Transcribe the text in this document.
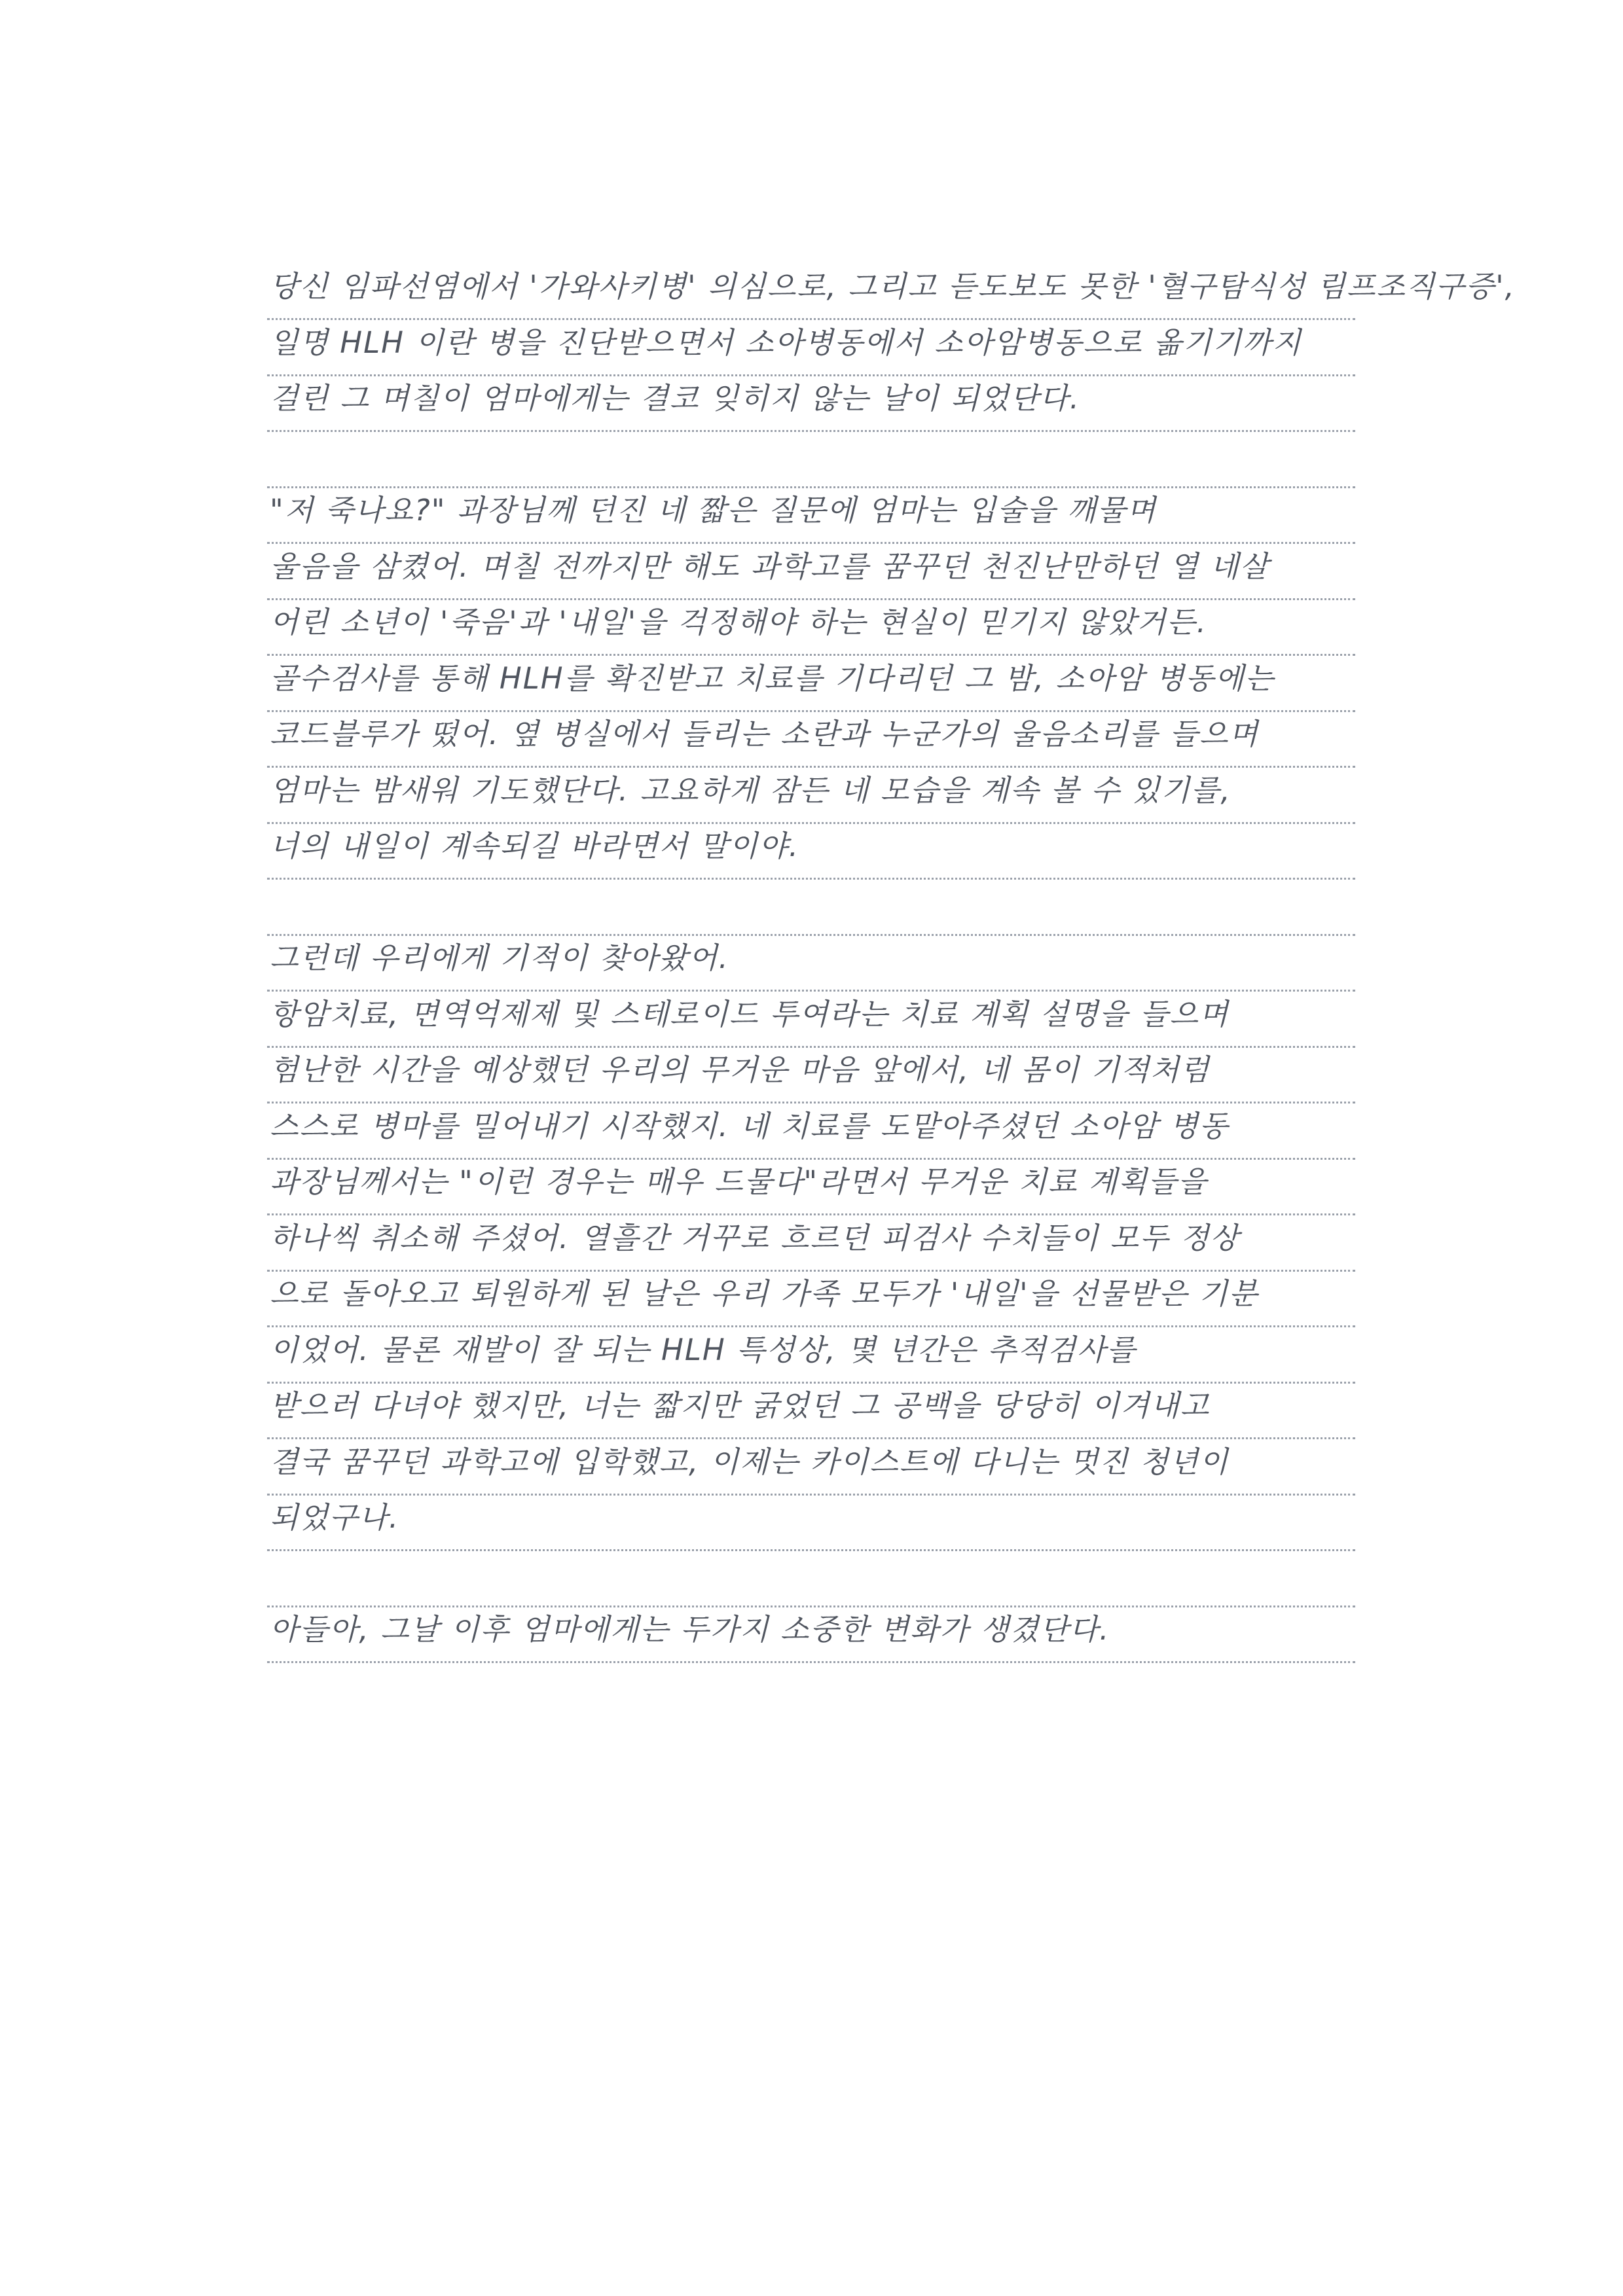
당신 임파선염에서 '가와사키병' 의심으로, 그리고 듣도보도 못한 '혈구탐식성 림프조직구증',
일명 HLH 이란 병을 진단받으면서 소아병동에서 소아암병동으로 옮기기까지
걸린 그 며칠이 엄마에게는 결코 잊히지 않는 날이 되었단다.
"저 죽나요?" 과장님께 던진 네 짧은 질문에 엄마는 입술을 깨물며
울음을 삼켰어. 며칠 전까지만 해도 과학고를 꿈꾸던 천진난만하던 열 네살
어린 소년이 '죽음'과 '내일'을 걱정해야 하는 현실이 믿기지 않았거든.
골수검사를 통해 HLH를 확진받고 치료를 기다리던 그 밤, 소아암 병동에는
코드블루가 떴어. 옆 병실에서 들리는 소란과 누군가의 울음소리를 들으며
엄마는 밤새워 기도했단다. 고요하게 잠든 네 모습을 계속 볼 수 있기를,
너의 내일이 계속되길 바라면서 말이야.
그런데 우리에게 기적이 찾아왔어.
항암치료, 면역억제제 및 스테로이드 투여라는 치료 계획 설명을 들으며
험난한 시간을 예상했던 우리의 무거운 마음 앞에서, 네 몸이 기적처럼
스스로 병마를 밀어내기 시작했지. 네 치료를 도맡아주셨던 소아암 병동
과장님께서는 "이런 경우는 매우 드물다"라면서 무거운 치료 계획들을
하나씩 취소해 주셨어. 열흘간 거꾸로 흐르던 피검사 수치들이 모두 정상
으로 돌아오고 퇴원하게 된 날은 우리 가족 모두가 '내일'을 선물받은 기분
이었어. 물론 재발이 잘 되는 HLH 특성상, 몇 년간은 추적검사를
받으러 다녀야 했지만, 너는 짧지만 굵었던 그 공백을 당당히 이겨내고
결국 꿈꾸던 과학고에 입학했고, 이제는 카이스트에 다니는 멋진 청년이
되었구나.
아들아, 그날 이후 엄마에게는 두가지 소중한 변화가 생겼단다.
